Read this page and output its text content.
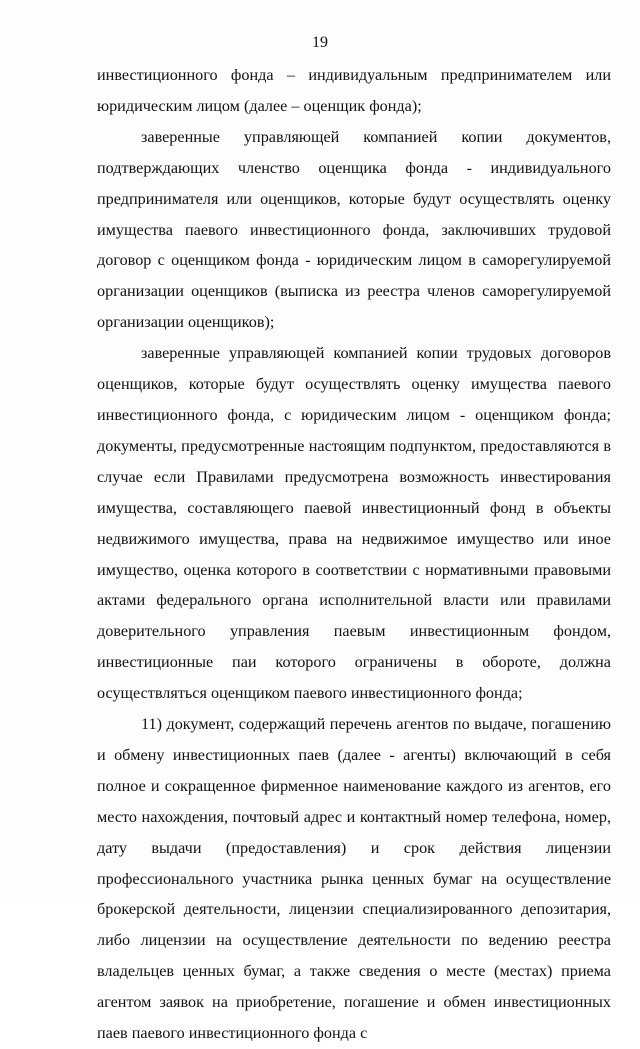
19

инвестиционного фонда – индивидуальным предпринимателем или юридическим лицом (далее – оценщик фонда);

заверенные управляющей компанией копии документов, подтверждающих членство оценщика фонда - индивидуального предпринимателя или оценщиков, которые будут осуществлять оценку имущества паевого инвестиционного фонда, заключивших трудовой договор с оценщиком фонда - юридическим лицом в саморегулируемой организации оценщиков (выписка из реестра членов саморегулируемой организации оценщиков);

заверенные управляющей компанией копии трудовых договоров оценщиков, которые будут осуществлять оценку имущества паевого инвестиционного фонда, с юридическим лицом - оценщиком фонда; документы, предусмотренные настоящим подпунктом, предоставляются в случае если Правилами предусмотрена возможность инвестирования имущества, составляющего паевой инвестиционный фонд в объекты недвижимого имущества, права на недвижимое имущество или иное имущество, оценка которого в соответствии с нормативными правовыми актами федерального органа исполнительной власти или правилами доверительного управления паевым инвестиционным фондом, инвестиционные паи которого ограничены в обороте, должна осуществляться оценщиком паевого инвестиционного фонда;

11) документ, содержащий перечень агентов по выдаче, погашению и обмену инвестиционных паев (далее - агенты) включающий в себя полное и сокращенное фирменное наименование каждого из агентов, его место нахождения, почтовый адрес и контактный номер телефона, номер, дату выдачи (предоставления) и срок действия лицензии профессионального участника рынка ценных бумаг на осуществление брокерской деятельности, лицензии специализированного депозитария, либо лицензии на осуществление деятельности по ведению реестра владельцев ценных бумаг, а также сведения о месте (местах) приема агентом заявок на приобретение, погашение и обмен инвестиционных паев паевого инвестиционного фонда с
